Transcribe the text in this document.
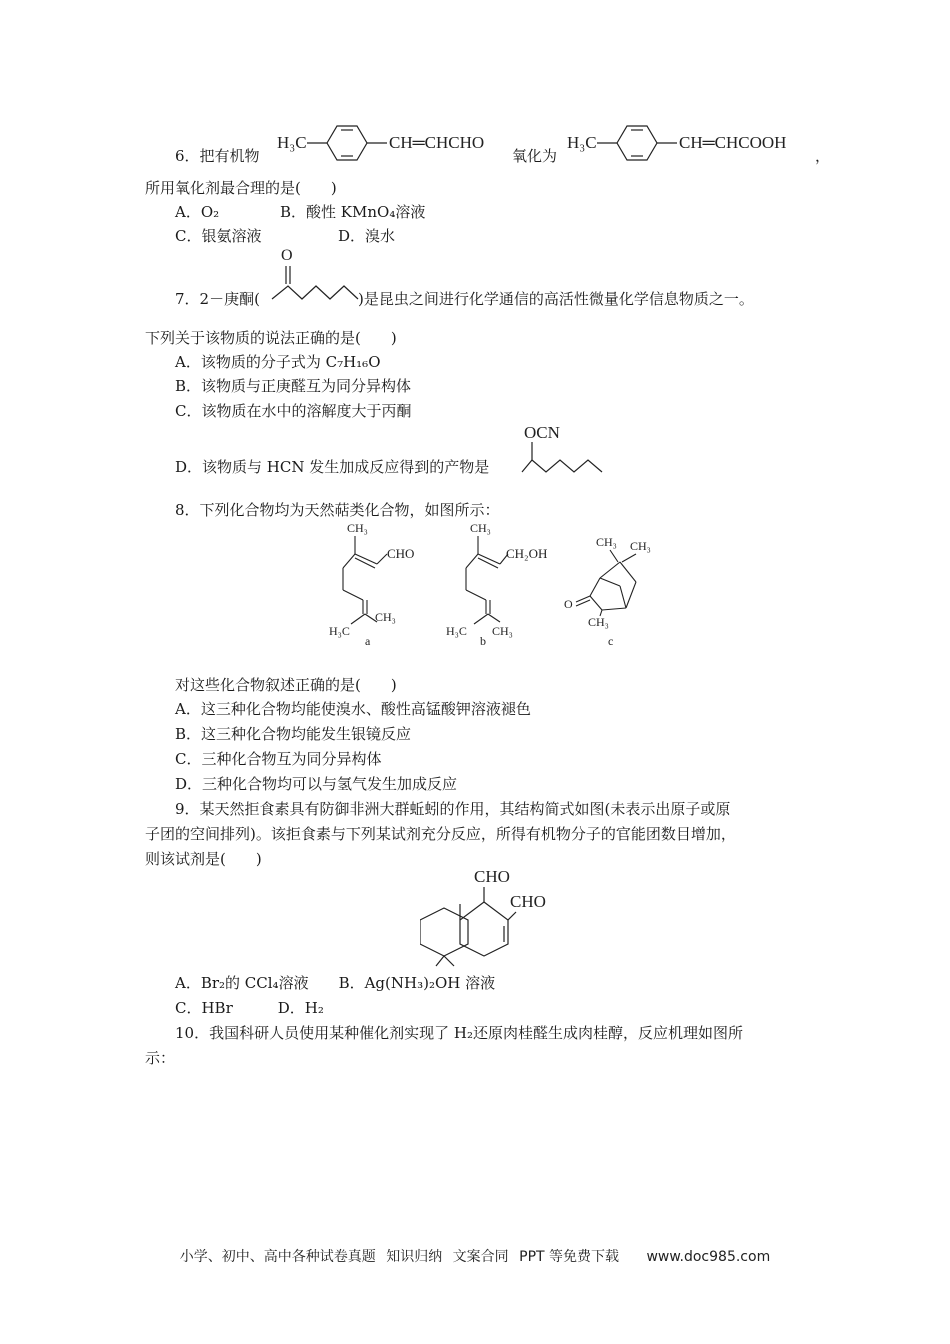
6．把有机物
H₃C	CH═CHCHO
氧化为
H₃C	CH═CHCOOH
，
所用氧化剂最合理的是(　　)
A．O₂	B．酸性 KMnO₄溶液
C．银氨溶液	D．溴水
7．2－庚酮(
O
)是昆虫之间进行化学通信的高活性微量化学信息物质之一。
下列关于该物质的说法正确的是(　　)
A．该物质的分子式为 C₇H₁₆O
B．该物质与正庚醛互为同分异构体
C．该物质在水中的溶解度大于丙酮
D．该物质与 HCN 发生加成反应得到的产物是
OCN
8．下列化合物均为天然萜类化合物，如图所示：
CH₃
CHO
H₃C
CH₃
a
CH₃
CH₂OH
H₃C CH₃
b
CH₃ CH₃
O
CH₃
c
对这些化合物叙述正确的是(　　)
A．这三种化合物均能使溴水、酸性高锰酸钾溶液褪色
B．这三种化合物均能发生银镜反应
C．三种化合物互为同分异构体
D．三种化合物均可以与氢气发生加成反应
9．某天然拒食素具有防御非洲大群蚯蚓的作用，其结构简式如图(未表示出原子或原
子团的空间排列)。该拒食素与下列某试剂充分反应，所得有机物分子的官能团数目增加，
则该试剂是(　　)
CHO
CHO
A．Br₂的 CCl₄溶液　　B．Ag(NH₃)₂OH 溶液
C．HBr　　　D．H₂
10．我国科研人员使用某种催化剂实现了 H₂还原肉桂醛生成肉桂醇，反应机理如图所
示：
小学、初中、高中各种试卷真题 知识归纳 文案合同 PPT 等免费下载 www.doc985.com
